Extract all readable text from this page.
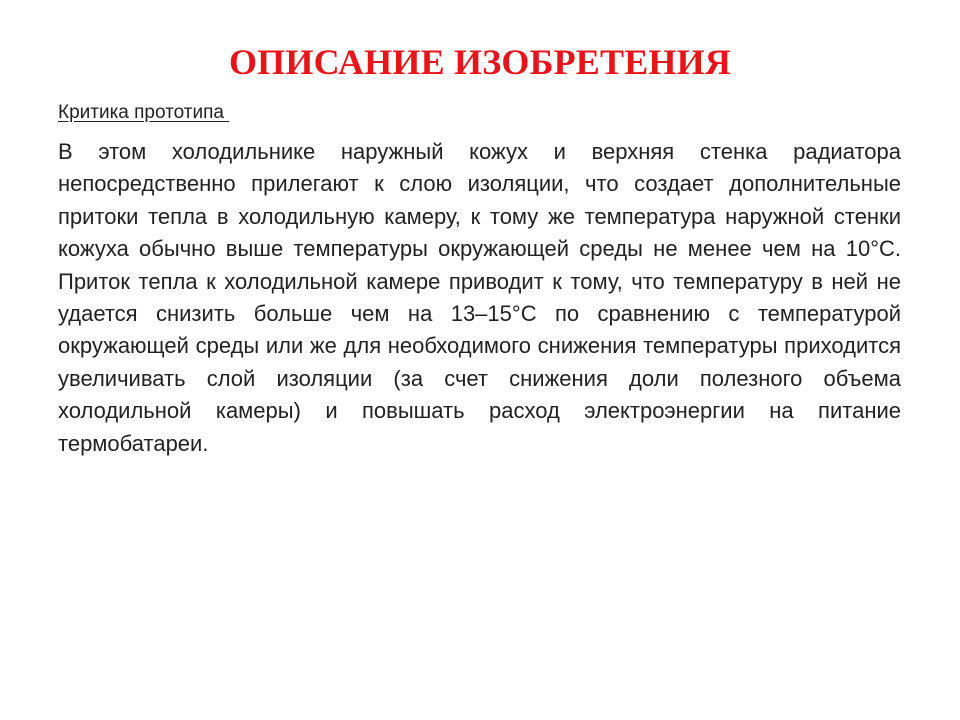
ОПИСАНИЕ ИЗОБРЕТЕНИЯ

Критика прототипа

В этом холодильнике наружный кожух и верхняя стенка радиатора непосредственно прилегают к слою изоляции, что создает дополнительные притоки тепла в холодильную камеру, к тому же температура наружной стенки кожуха обычно выше температуры окружающей среды не менее чем на 10°С. Приток тепла к холодильной камере приводит к тому, что температуру в ней не удается снизить больше чем на 13–15°С по сравнению с температурой окружающей среды или же для необходимого снижения температуры приходится увеличивать слой изоляции (за счет снижения доли полезного объема холодильной камеры) и повышать расход электроэнергии на питание термобатареи.
